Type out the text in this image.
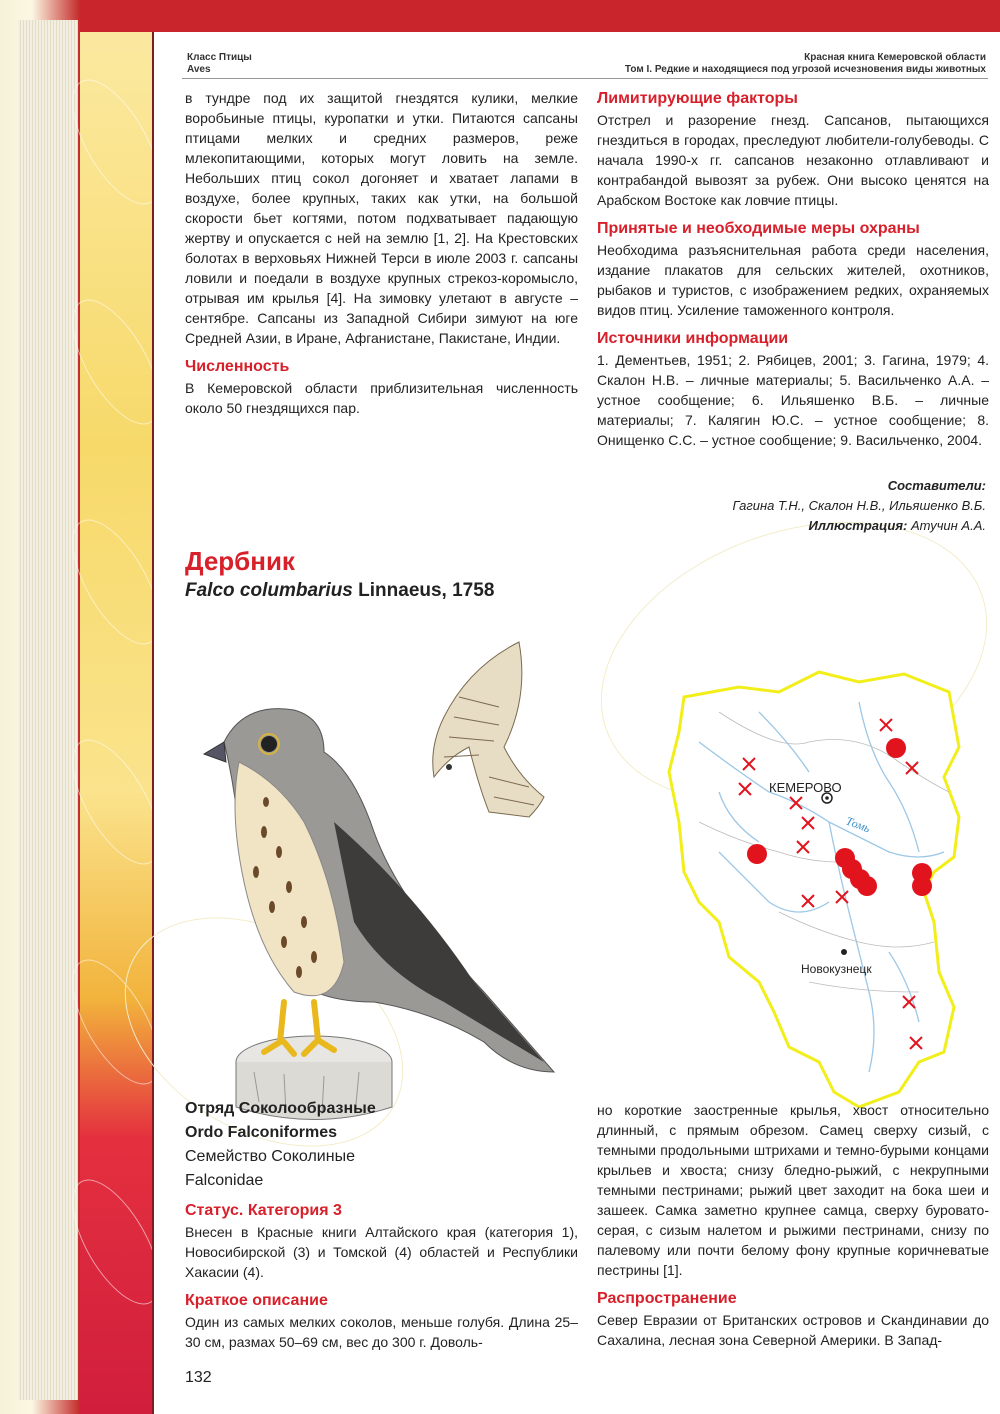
Класс Птицы
Aves
Красная книга Кемеровской области
Том I. Редкие и находящиеся под угрозой исчезновения виды животных

в тундре под их защитой гнездятся кулики, мелкие воробьиные птицы, куропатки и утки. Питаются сапсаны птицами мелких и средних размеров, реже млекопитающими, которых могут ловить на земле. Небольших птиц сокол догоняет и хватает лапами в воздухе, более крупных, таких как утки, на большой скорости бьет когтями, потом подхватывает падающую жертву и опускается с ней на землю [1, 2]. На Крестовских болотах в верховьях Нижней Терси в июле 2003 г. сапсаны ловили и поедали в воздухе крупных стрекоз-коромысло, отрывая им крылья [4]. На зимовку улетают в августе – сентябре. Сапсаны из Западной Сибири зимуют на юге Средней Азии, в Иране, Афганистане, Пакистане, Индии.

Численность

В Кемеровской области приблизительная численность около 50 гнездящихся пар.

Лимитирующие факторы

Отстрел и разорение гнезд. Сапсанов, пытающихся гнездиться в городах, преследуют любители-голубеводы. С начала 1990-х гг. сапсанов незаконно отлавливают и контрабандой вывозят за рубеж. Они высоко ценятся на Арабском Востоке как ловчие птицы.

Принятые и необходимые меры охраны

Необходима разъяснительная работа среди населения, издание плакатов для сельских жителей, охотников, рыбаков и туристов, с изображением редких, охраняемых видов птиц. Усиление таможенного контроля.

Источники информации

1. Дементьев, 1951; 2. Рябицев, 2001; 3. Гагина, 1979; 4. Скалон Н.В. – личные материалы; 5. Васильченко А.А. – устное сообщение; 6. Ильяшенко В.Б. – личные материалы; 7. Калягин Ю.С. – устное сообщение; 8. Онищенко С.С. – устное сообщение; 9. Васильченко, 2004.

Составители:
Гагина Т.Н., Скалон Н.В., Ильяшенко В.Б.
Иллюстрация: Атучин А.А.
Дербник
Falco columbarius Linnaeus, 1758
КЕМЕРОВО
Новокузнецк
Томь
Отряд Соколообразные
Ordo Falconiformes
Семейство Соколиные
Falconidae
Статус. Категория 3

Внесен в Красные книги Алтайского края (категория 1), Новосибирской (3) и Томской (4) областей и Республики Хакасии (4).

Краткое описание

Один из самых мелких соколов, меньше голубя. Длина 25–30 см, размах 50–69 см, вес до 300 г. Доволь-

но короткие заостренные крылья, хвост относительно длинный, с прямым обрезом. Самец сверху сизый, с темными продольными штрихами и темно-бурыми концами крыльев и хвоста; снизу бледно-рыжий, с некрупными темными пестринами; рыжий цвет заходит на бока шеи и зашеек. Самка заметно крупнее самца, сверху буровато-серая, с сизым налетом и рыжими пестринами, снизу по палевому или почти белому фону крупные коричневатые пестрины [1].

Распространение

Север Евразии от Британских островов и Скандинавии до Сахалина, лесная зона Северной Америки. В Запад-

132
